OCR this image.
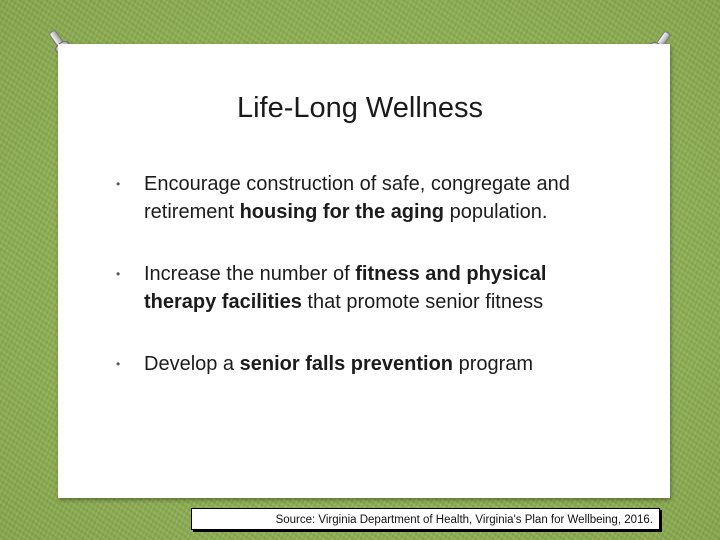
Life-Long Wellness
• Encourage construction of safe, congregate and retirement housing for the aging population.
• Increase the number of fitness and physical therapy facilities that promote senior fitness
• Develop a senior falls prevention program
Source: Virginia Department of Health, Virginia's Plan for Wellbeing, 2016.
